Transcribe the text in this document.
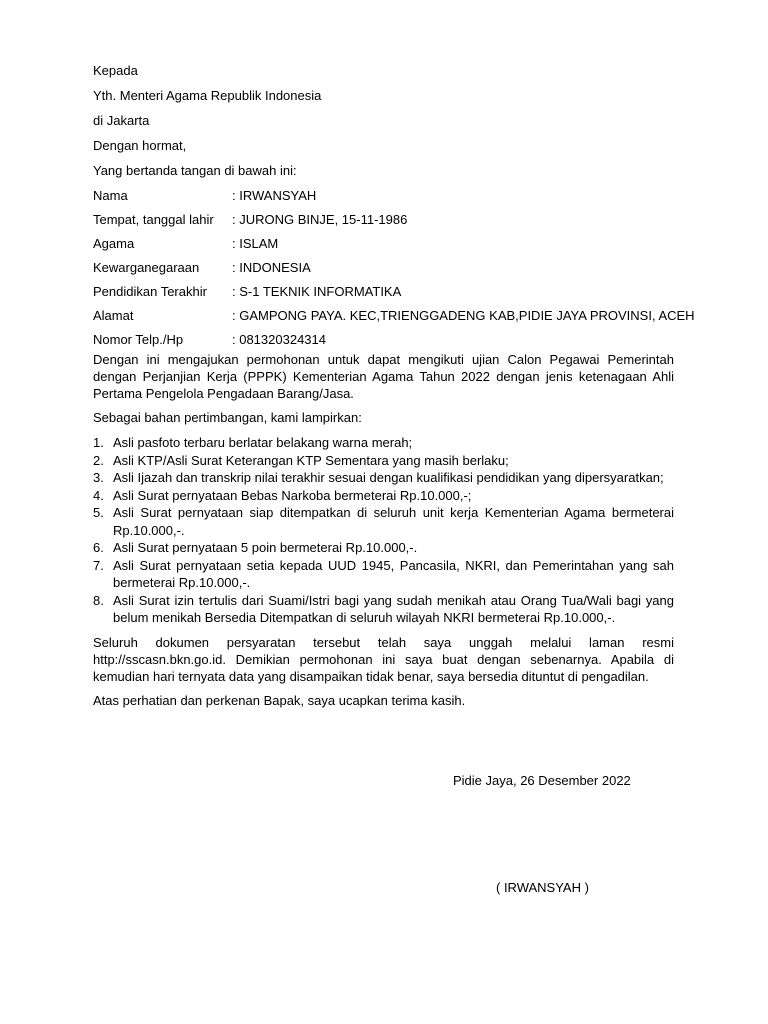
Kepada

Yth. Menteri Agama Republik Indonesia

di Jakarta

Dengan hormat,

Yang bertanda tangan di bawah ini:

Nama	: IRWANSYAH
Tempat, tanggal lahir	: JURONG BINJE, 15-11-1986
Agama	: ISLAM
Kewarganegaraan	: INDONESIA
Pendidikan Terakhir	: S-1 TEKNIK INFORMATIKA
Alamat	: GAMPONG PAYA. KEC,TRIENGGADENG KAB,PIDIE JAYA PROVINSI, ACEH
Nomor Telp./Hp	: 081320324314

Dengan ini mengajukan permohonan untuk dapat mengikuti ujian Calon Pegawai Pemerintah dengan Perjanjian Kerja (PPPK) Kementerian Agama Tahun 2022 dengan jenis ketenagaan Ahli Pertama Pengelola Pengadaan Barang/Jasa.

Sebagai bahan pertimbangan, kami lampirkan:

1. Asli pasfoto terbaru berlatar belakang warna merah;
2. Asli KTP/Asli Surat Keterangan KTP Sementara yang masih berlaku;
3. Asli Ijazah dan transkrip nilai terakhir sesuai dengan kualifikasi pendidikan yang dipersyaratkan;
4. Asli Surat pernyataan Bebas Narkoba bermeterai Rp.10.000,-;
5. Asli Surat pernyataan siap ditempatkan di seluruh unit kerja Kementerian Agama bermeterai Rp.10.000,-.
6. Asli Surat pernyataan 5 poin bermeterai Rp.10.000,-.
7. Asli Surat pernyataan setia kepada UUD 1945, Pancasila, NKRI, dan Pemerintahan yang sah bermeterai Rp.10.000,-.
8. Asli Surat izin tertulis dari Suami/Istri bagi yang sudah menikah atau Orang Tua/Wali bagi yang belum menikah Bersedia Ditempatkan di seluruh wilayah NKRI bermeterai Rp.10.000,-.

Seluruh dokumen persyaratan tersebut telah saya unggah melalui laman resmi http://sscasn.bkn.go.id. Demikian permohonan ini saya buat dengan sebenarnya. Apabila di kemudian hari ternyata data yang disampaikan tidak benar, saya bersedia dituntut di pengadilan.

Atas perhatian dan perkenan Bapak, saya ucapkan terima kasih.

Pidie Jaya, 26 Desember 2022

( IRWANSYAH )
